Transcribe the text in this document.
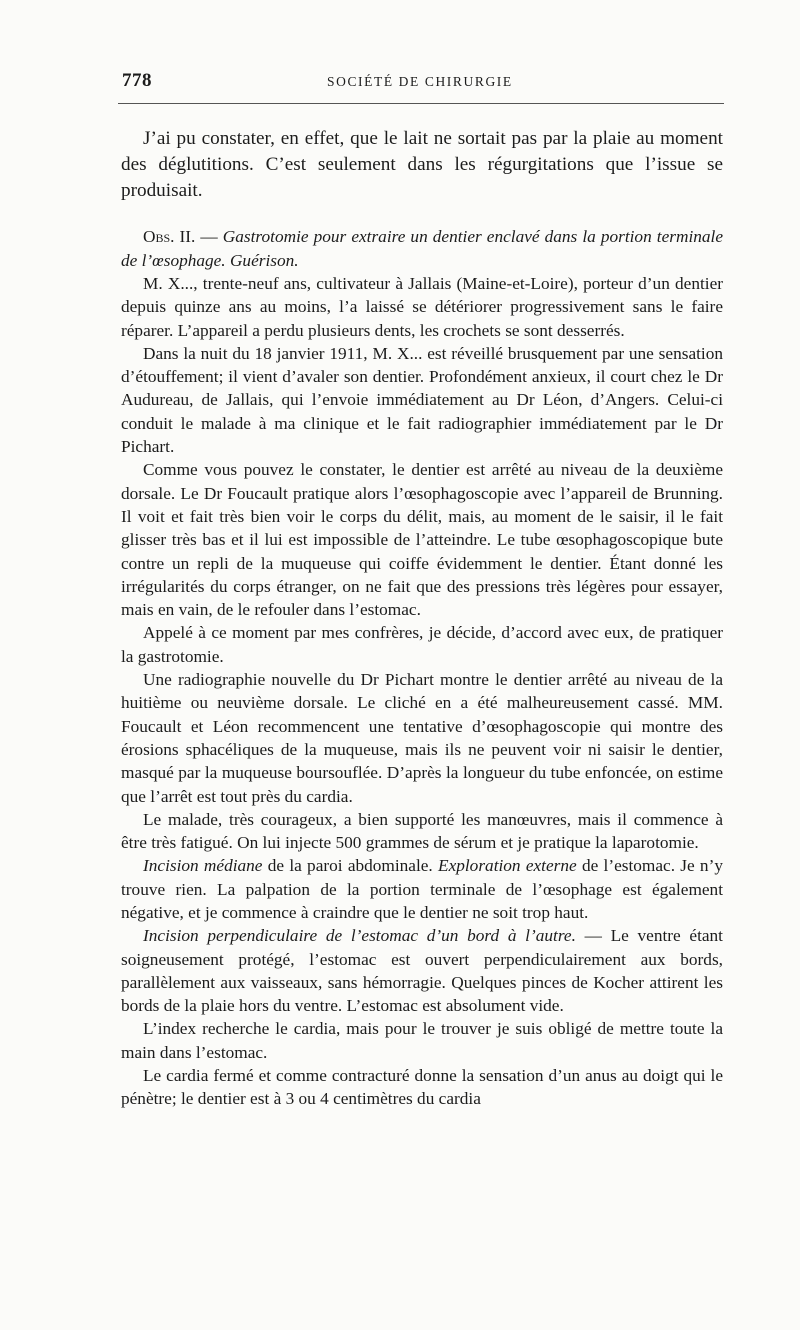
778	SOCIÉTÉ DE CHIRURGIE

J’ai pu constater, en effet, que le lait ne sortait pas par la plaie au moment des déglutitions. C’est seulement dans les régurgitations que l’issue se produisait.

Obs. II. — Gastrotomie pour extraire un dentier enclavé dans la portion terminale de l’œsophage. Guérison.

M. X..., trente-neuf ans, cultivateur à Jallais (Maine-et-Loire), porteur d’un dentier depuis quinze ans au moins, l’a laissé se détériorer progressivement sans le faire réparer. L’appareil a perdu plusieurs dents, les crochets se sont desserrés.

Dans la nuit du 18 janvier 1911, M. X... est réveillé brusquement par une sensation d’étouffement; il vient d’avaler son dentier. Profondément anxieux, il court chez le Dr Audureau, de Jallais, qui l’envoie immédiatement au Dr Léon, d’Angers. Celui-ci conduit le malade à ma clinique et le fait radiographier immédiatement par le Dr Pichart.

Comme vous pouvez le constater, le dentier est arrêté au niveau de la deuxième dorsale. Le Dr Foucault pratique alors l’œsophagoscopie avec l’appareil de Brunning. Il voit et fait très bien voir le corps du délit, mais, au moment de le saisir, il le fait glisser très bas et il lui est impossible de l’atteindre. Le tube œsophagoscopique bute contre un repli de la muqueuse qui coiffe évidemment le dentier. Étant donné les irrégularités du corps étranger, on ne fait que des pressions très légères pour essayer, mais en vain, de le refouler dans l’estomac.

Appelé à ce moment par mes confrères, je décide, d’accord avec eux, de pratiquer la gastrotomie.

Une radiographie nouvelle du Dr Pichart montre le dentier arrêté au niveau de la huitième ou neuvième dorsale. Le cliché en a été malheureusement cassé. MM. Foucault et Léon recommencent une tentative d’œsophagoscopie qui montre des érosions sphacéliques de la muqueuse, mais ils ne peuvent voir ni saisir le dentier, masqué par la muqueuse boursouflée. D’après la longueur du tube enfoncée, on estime que l’arrêt est tout près du cardia.

Le malade, très courageux, a bien supporté les manœuvres, mais il commence à être très fatigué. On lui injecte 500 grammes de sérum et je pratique la laparotomie.

Incision médiane de la paroi abdominale. Exploration externe de l’estomac. Je n’y trouve rien. La palpation de la portion terminale de l’œsophage est également négative, et je commence à craindre que le dentier ne soit trop haut.

Incision perpendiculaire de l’estomac d’un bord à l’autre. — Le ventre étant soigneusement protégé, l’estomac est ouvert perpendiculairement aux bords, parallèlement aux vaisseaux, sans hémorragie. Quelques pinces de Kocher attirent les bords de la plaie hors du ventre. L’estomac est absolument vide.

L’index recherche le cardia, mais pour le trouver je suis obligé de mettre toute la main dans l’estomac.

Le cardia fermé et comme contracturé donne la sensation d’un anus au doigt qui le pénètre; le dentier est à 3 ou 4 centimètres du cardia
